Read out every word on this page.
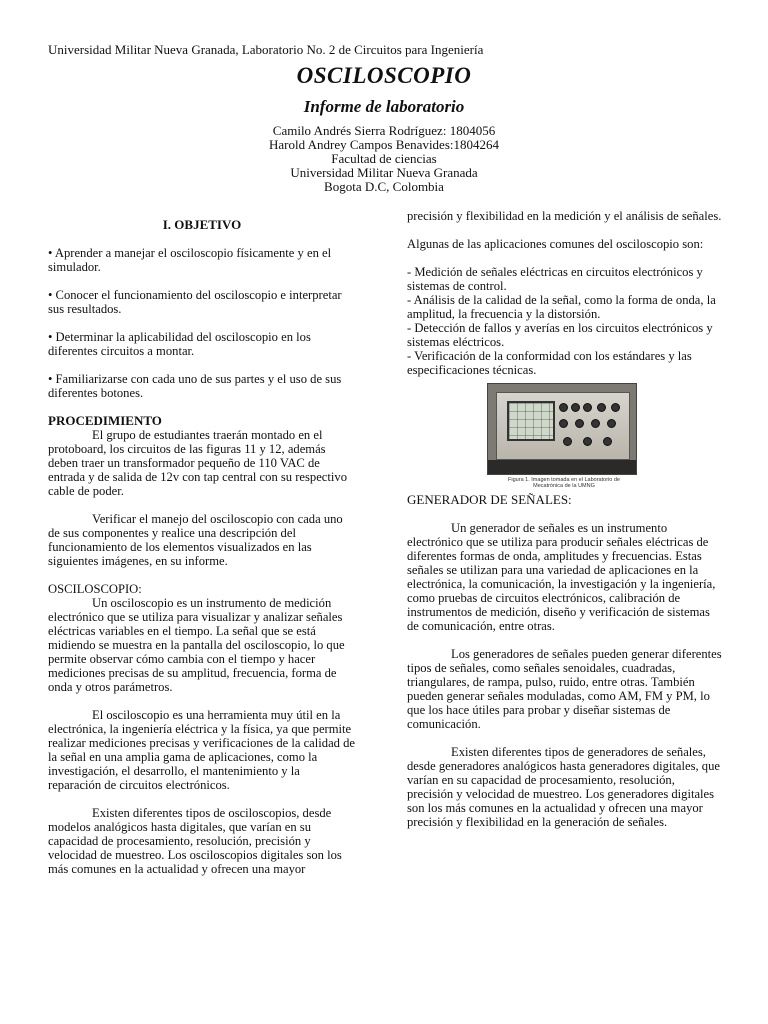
Universidad Militar Nueva Granada, Laboratorio No. 2 de Circuitos para Ingeniería
OSCILOSCOPIO
Informe de laboratorio
Camilo Andrés Sierra Rodríguez: 1804056
Harold Andrey Campos Benavides:1804264
Facultad de ciencias
Universidad Militar Nueva Granada
Bogota D.C, Colombia

I. OBJETIVO

• Aprender a manejar el osciloscopio físicamente y en el simulador.

• Conocer el funcionamiento del osciloscopio e interpretar sus resultados.

• Determinar la aplicabilidad del osciloscopio en los diferentes circuitos a montar.

• Familiarizarse con cada uno de sus partes y el uso de sus diferentes botones.

PROCEDIMIENTO

El grupo de estudiantes traerán montado en el protoboard, los circuitos de las figuras 11 y 12, además deben traer un transformador pequeño de 110 VAC de entrada y de salida de 12v con tap central con su respectivo cable de poder.

Verificar el manejo del osciloscopio con cada uno de sus componentes y realice una descripción del funcionamiento de los elementos visualizados en las siguientes imágenes, en su informe.

OSCILOSCOPIO:

Un osciloscopio es un instrumento de medición electrónico que se utiliza para visualizar y analizar señales eléctricas variables en el tiempo. La señal que se está midiendo se muestra en la pantalla del osciloscopio, lo que permite observar cómo cambia con el tiempo y hacer mediciones precisas de su amplitud, frecuencia, forma de onda y otros parámetros.

El osciloscopio es una herramienta muy útil en la electrónica, la ingeniería eléctrica y la física, ya que permite realizar mediciones precisas y verificaciones de la calidad de la señal en una amplia gama de aplicaciones, como la investigación, el desarrollo, el mantenimiento y la reparación de circuitos electrónicos.

Existen diferentes tipos de osciloscopios, desde modelos analógicos hasta digitales, que varían en su capacidad de procesamiento, resolución, precisión y velocidad de muestreo. Los osciloscopios digitales son los más comunes en la actualidad y ofrecen una mayor

precisión y flexibilidad en la medición y el análisis de señales.

Algunas de las aplicaciones comunes del osciloscopio son:

- Medición de señales eléctricas en circuitos electrónicos y sistemas de control.

- Análisis de la calidad de la señal, como la forma de onda, la amplitud, la frecuencia y la distorsión.

- Detección de fallos y averías en los circuitos electrónicos y sistemas eléctricos.

- Verificación de la conformidad con los estándares y las especificaciones técnicas.

Figura 1. Imagen tomada en el Laboratorio de Mecatrónica de la UMNG

GENERADOR DE SEÑALES:

Un generador de señales es un instrumento electrónico que se utiliza para producir señales eléctricas de diferentes formas de onda, amplitudes y frecuencias. Estas señales se utilizan para una variedad de aplicaciones en la electrónica, la comunicación, la investigación y la ingeniería, como pruebas de circuitos electrónicos, calibración de instrumentos de medición, diseño y verificación de sistemas de comunicación, entre otras.

Los generadores de señales pueden generar diferentes tipos de señales, como señales senoidales, cuadradas, triangulares, de rampa, pulso, ruido, entre otras. También pueden generar señales moduladas, como AM, FM y PM, lo que los hace útiles para probar y diseñar sistemas de comunicación.

Existen diferentes tipos de generadores de señales, desde generadores analógicos hasta generadores digitales, que varían en su capacidad de procesamiento, resolución, precisión y velocidad de muestreo. Los generadores digitales son los más comunes en la actualidad y ofrecen una mayor precisión y flexibilidad en la generación de señales.
